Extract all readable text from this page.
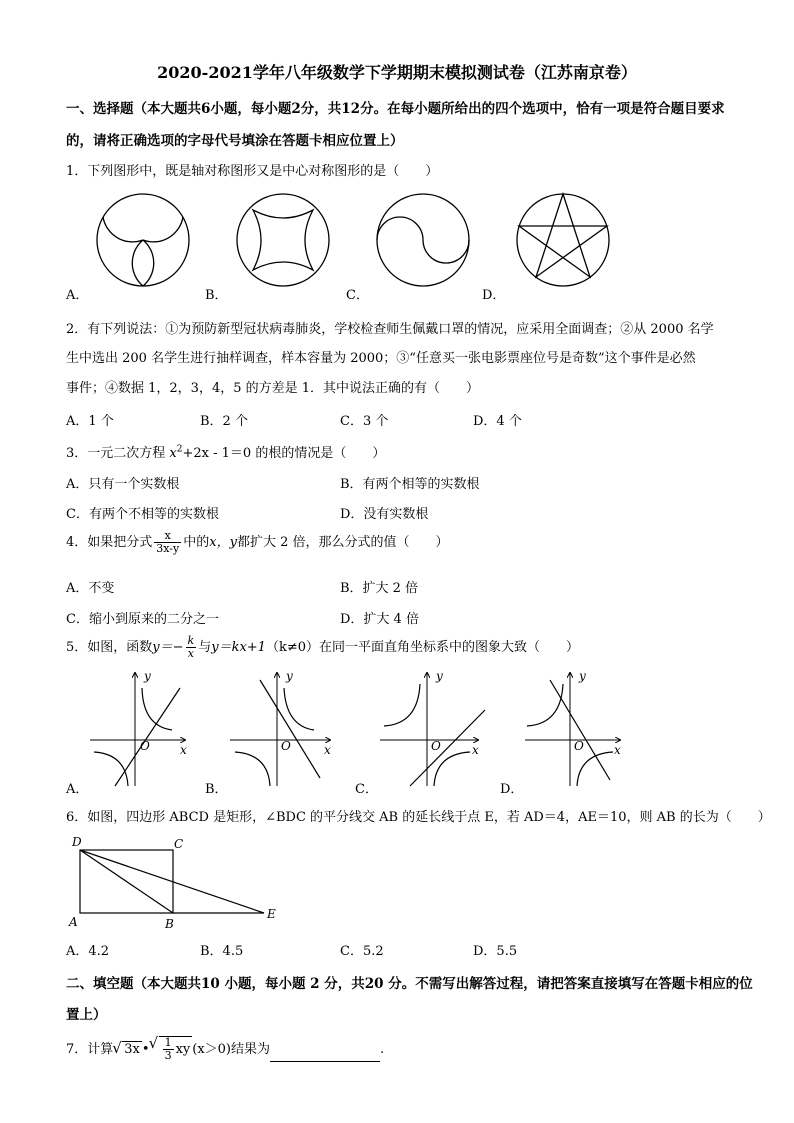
2020-2021学年八年级数学下学期期末模拟测试卷（江苏南京卷）
一、选择题（本大题共6小题，每小题2分，共12分。在每小题所给出的四个选项中，恰有一项是符合题目要求
的，请将正确选项的字母代号填涂在答题卡相应位置上）
1．下列图形中，既是轴对称图形又是中心对称图形的是（　　）
A．	B．	C．	D．
2．有下列说法：①为预防新型冠状病毒肺炎，学校检查师生佩戴口罩的情况，应采用全面调查；②从 2000 名学
生中选出 200 名学生进行抽样调查，样本容量为 2000；③“任意买一张电影票座位号是奇数”这个事件是必然
事件；④数据 1，2，3，4，5 的方差是 1．其中说法正确的有（　　）
A．1 个	B．2 个	C．3 个	D．4 个
3．一元二次方程 $x^2+2x - 1=0$ 的根的情况是（　　）
A．只有一个实数根	B．有两个相等的实数根
C．有两个不相等的实数根	D．没有实数根
4．如果把分式 $\frac{x}{3x-y}$ 中的x，y都扩大 2 倍，那么分式的值（　　）
A．不变	B．扩大 2 倍
C．缩小到原来的二分之一	D．扩大 4 倍
5．如图，函数$y=- \frac{k}{x}$ 与y＝kx+1（k≠0）在同一平面直角坐标系中的图象大致（　　）
y
x
O
y
x
O
y
x
O
y
x
O
A．	B．	C．	D．
6．如图，四边形 ABCD 是矩形，∠BDC 的平分线交 AB 的延长线于点 E，若 AD＝4，AE＝10，则 AB 的长为（　　）
D	C
A	B
E
A．4.2	B．4.5	C．5.2	D．5.5
二、填空题（本大题共10 小题，每小题 2 分，共20 分。不需写出解答过程，请把答案直接填写在答题卡相应的位
置上）
7．计算 √ 3x • √ $\frac{1}{3}$ xy (x＞0)结果为	.
